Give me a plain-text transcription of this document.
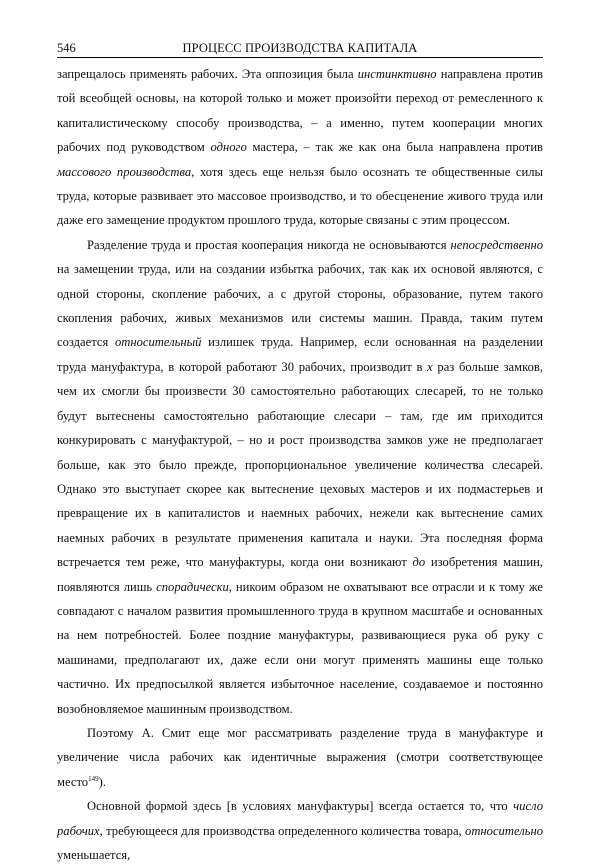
546	ПРОЦЕСС ПРОИЗВОДСТВА КАПИТАЛА

запрещалось применять рабочих. Эта оппозиция была инстинктивно направлена против той всеобщей основы, на которой только и может произойти переход от ремесленного к капиталистическому способу производства, – а именно, путем кооперации многих рабочих под руководством одного мастера, – так же как она была направлена против массового производства, хотя здесь еще нельзя было осознать те общественные силы труда, которые развивает это массовое производство, и то обесценение живого труда или даже его замещение продуктом прошлого труда, которые связаны с этим процессом.

Разделение труда и простая кооперация никогда не основываются непосредственно на замещении труда, или на создании избытка рабочих, так как их основой являются, с одной стороны, скопление рабочих, а с другой стороны, образование, путем такого скопления рабочих, живых механизмов или системы машин. Правда, таким путем создается относительный излишек труда. Например, если основанная на разделении труда мануфактура, в которой работают 30 рабочих, производит в x раз больше замков, чем их смогли бы произвести 30 самостоятельно работающих слесарей, то не только будут вытеснены самостоятельно работающие слесари – там, где им приходится конкурировать с мануфактурой, – но и рост производства замков уже не предполагает больше, как это было прежде, пропорциональное увеличение количества слесарей. Однако это выступает скорее как вытеснение цеховых мастеров и их подмастерьев и превращение их в капиталистов и наемных рабочих, нежели как вытеснение самих наемных рабочих в результате применения капитала и науки. Эта последняя форма встречается тем реже, что мануфактуры, когда они возникают до изобретения машин, появляются лишь спорадически, никоим образом не охватывают все отрасли и к тому же совпадают с началом развития промышленного труда в крупном масштабе и основанных на нем потребностей. Более поздние мануфактуры, развивающиеся рука об руку с машинами, предполагают их, даже если они могут применять машины еще только частично. Их предпосылкой является избыточное население, создаваемое и постоянно возобновляемое машинным производством.

Поэтому А. Смит еще мог рассматривать разделение труда в мануфактуре и увеличение числа рабочих как идентичные выражения (смотри соответствующее место$^{149}$).

Основной формой здесь [в условиях мануфактуры] всегда остается то, что число рабочих, требующееся для производства определенного количества товара, относительно уменьшается,
